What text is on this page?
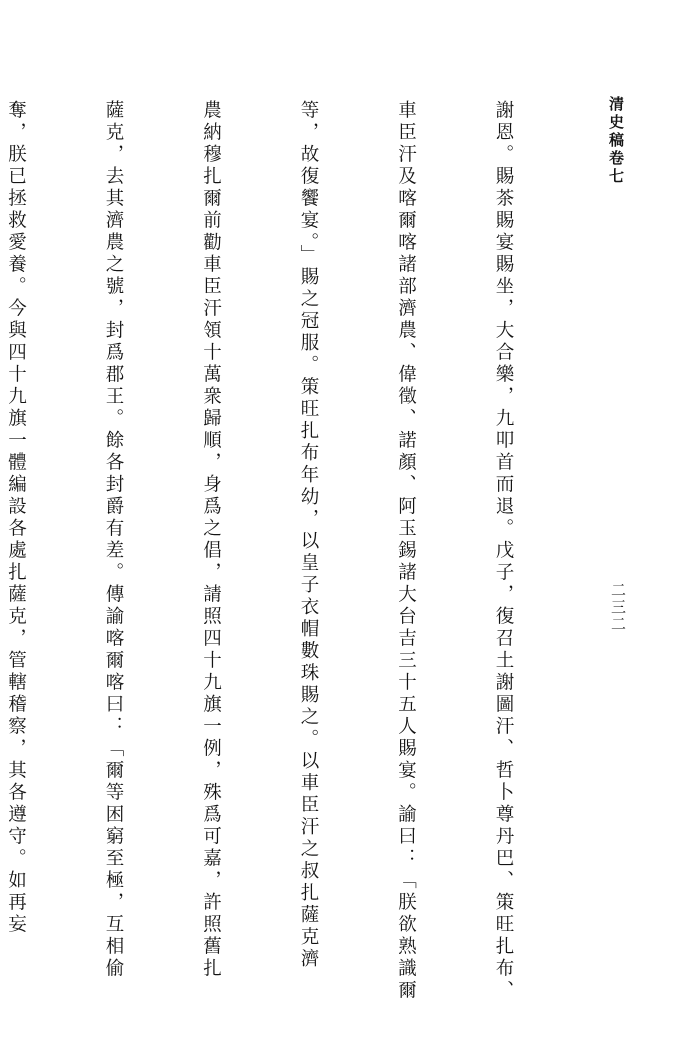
清史稿卷七
二三二

謝恩。賜茶賜宴賜坐，大合樂，九叩首而退。戊子，復召土謝圖汗、哲卜尊丹巴、策旺扎布、

車臣汗及喀爾喀諸部濟農、偉徵、諾顏、阿玉錫諸大台吉三十五人賜宴。諭曰：「朕欲熟識爾

等，故復饗宴。」賜之冠服。策旺扎布年幼，以皇子衣帽數珠賜之。以車臣汗之叔扎薩克濟

農納穆扎爾前勸車臣汗領十萬衆歸順，身爲之倡，請照四十九旗一例，殊爲可嘉，許照舊扎

薩克，去其濟農之號，封爲郡王。餘各封爵有差。傳諭喀爾喀曰：「爾等困窮至極，互相偷

奪，朕已拯救愛養。今與四十九旗一體編設各處扎薩克，管轄稽察，其各遵守。如再妄
